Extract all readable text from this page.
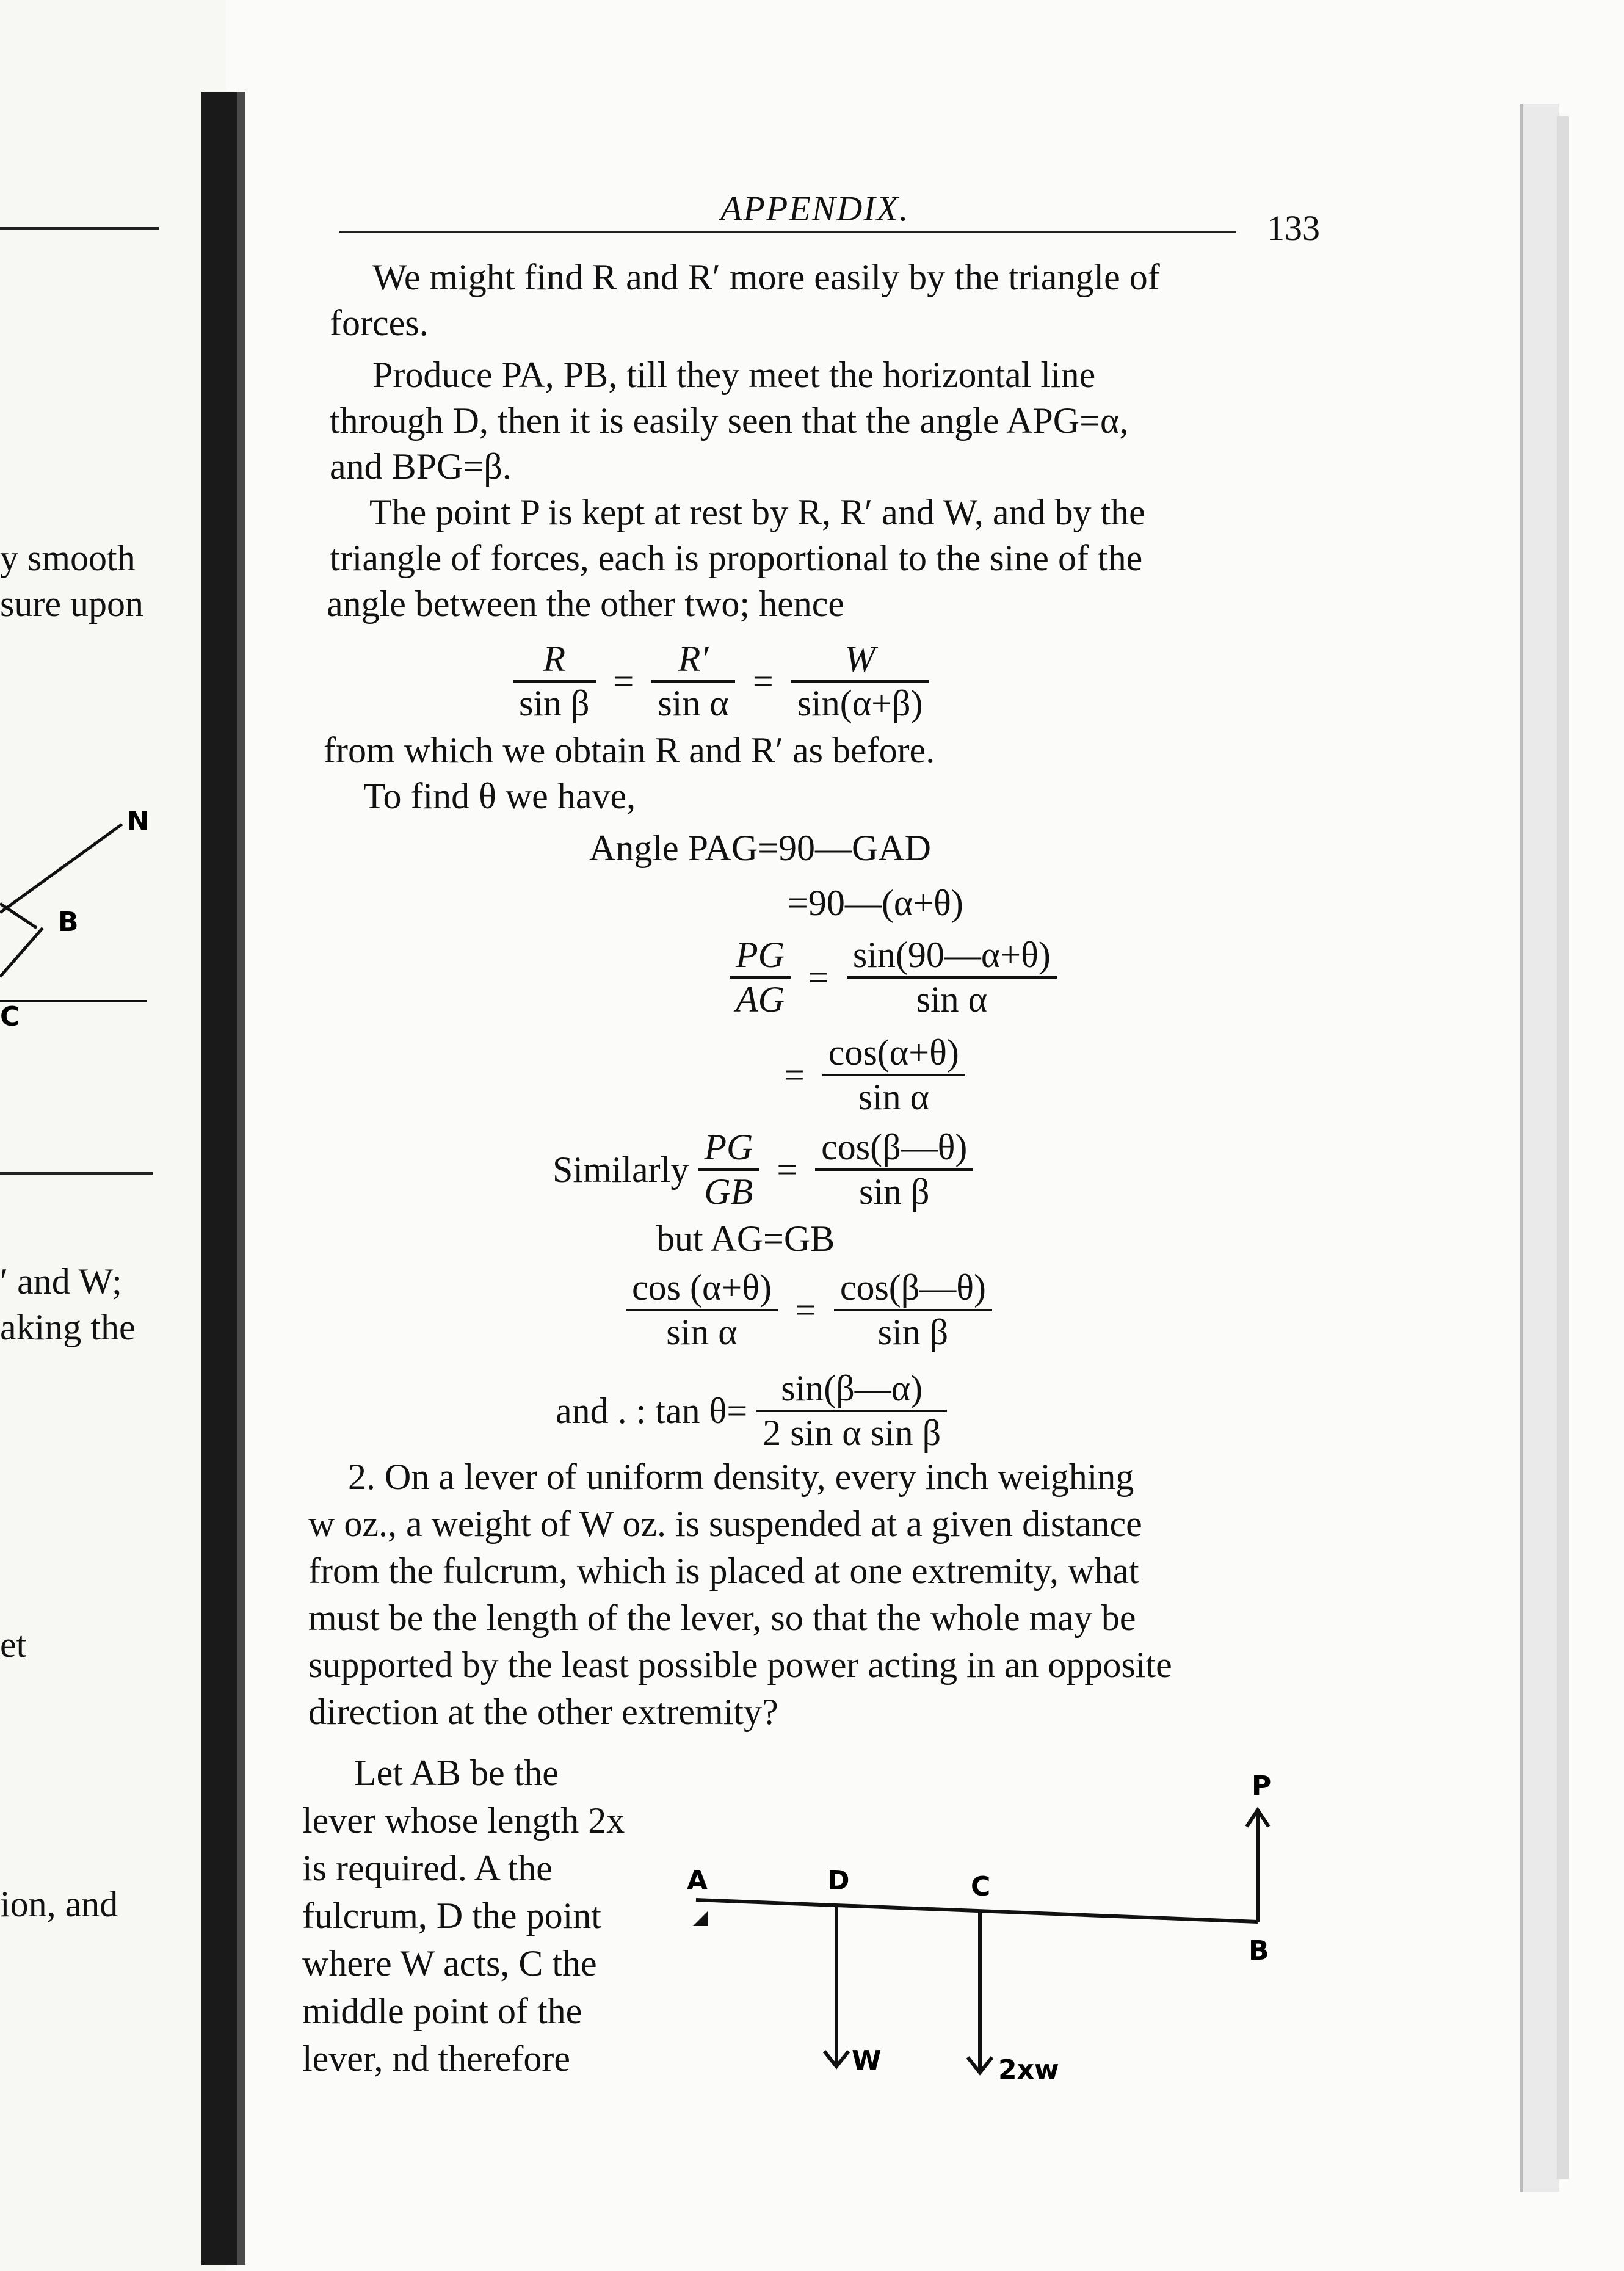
y smooth
sure upon
N
B
C
′ and W;
aking the
et
ion, and
APPENDIX.	133
We might find R and R′ more easily by the triangle of
forces.
Produce PA, PB, till they meet the horizontal line
through D, then it is easily seen that the angle APG=α,
and BPG=β.
The point P is kept at rest by R, R′ and W, and by the
triangle of forces, each is proportional to the sine of the
angle between the other two; hence
$\frac{R}{\text{sin β}} = \frac{R'}{\text{sin α}} = \frac{W}{\sin(\alpha+\beta)}$
from which we obtain R and R′ as before.
To find θ we have,
Angle PAG=90—GAD
=90—(α+θ)
$\frac{PG}{AG} = \frac{\sin(90—\alpha+\theta)}{\text{sin α}}$
= $\frac{\cos(\alpha+\theta)}{\text{sin α}}$
Similarly $\frac{PG}{GB} = \frac{\cos(\beta—\theta)}{\text{sin β}}$
but AG=GB
$\frac{\cos (\alpha+\theta)}{\text{sin α}} = \frac{\cos(\beta—\theta)}{\text{sin β}}$
and . : $\tan \theta= \frac{\sin(\beta—\alpha)}{\text{2 sin α sin β}}$
2. On a lever of uniform density, every inch weighing
w oz., a weight of W oz. is suspended at a given distance
from the fulcrum, which is placed at one extremity, what
must be the length of the lever, so that the whole may be
supported by the least possible power acting in an opposite
direction at the other extremity?
Let AB be the
lever whose length 2x
is required. A the
fulcrum, D the point
where W acts, C the
middle point of the
lever, nd therefore
A	D	C
P
B
W	2xw
